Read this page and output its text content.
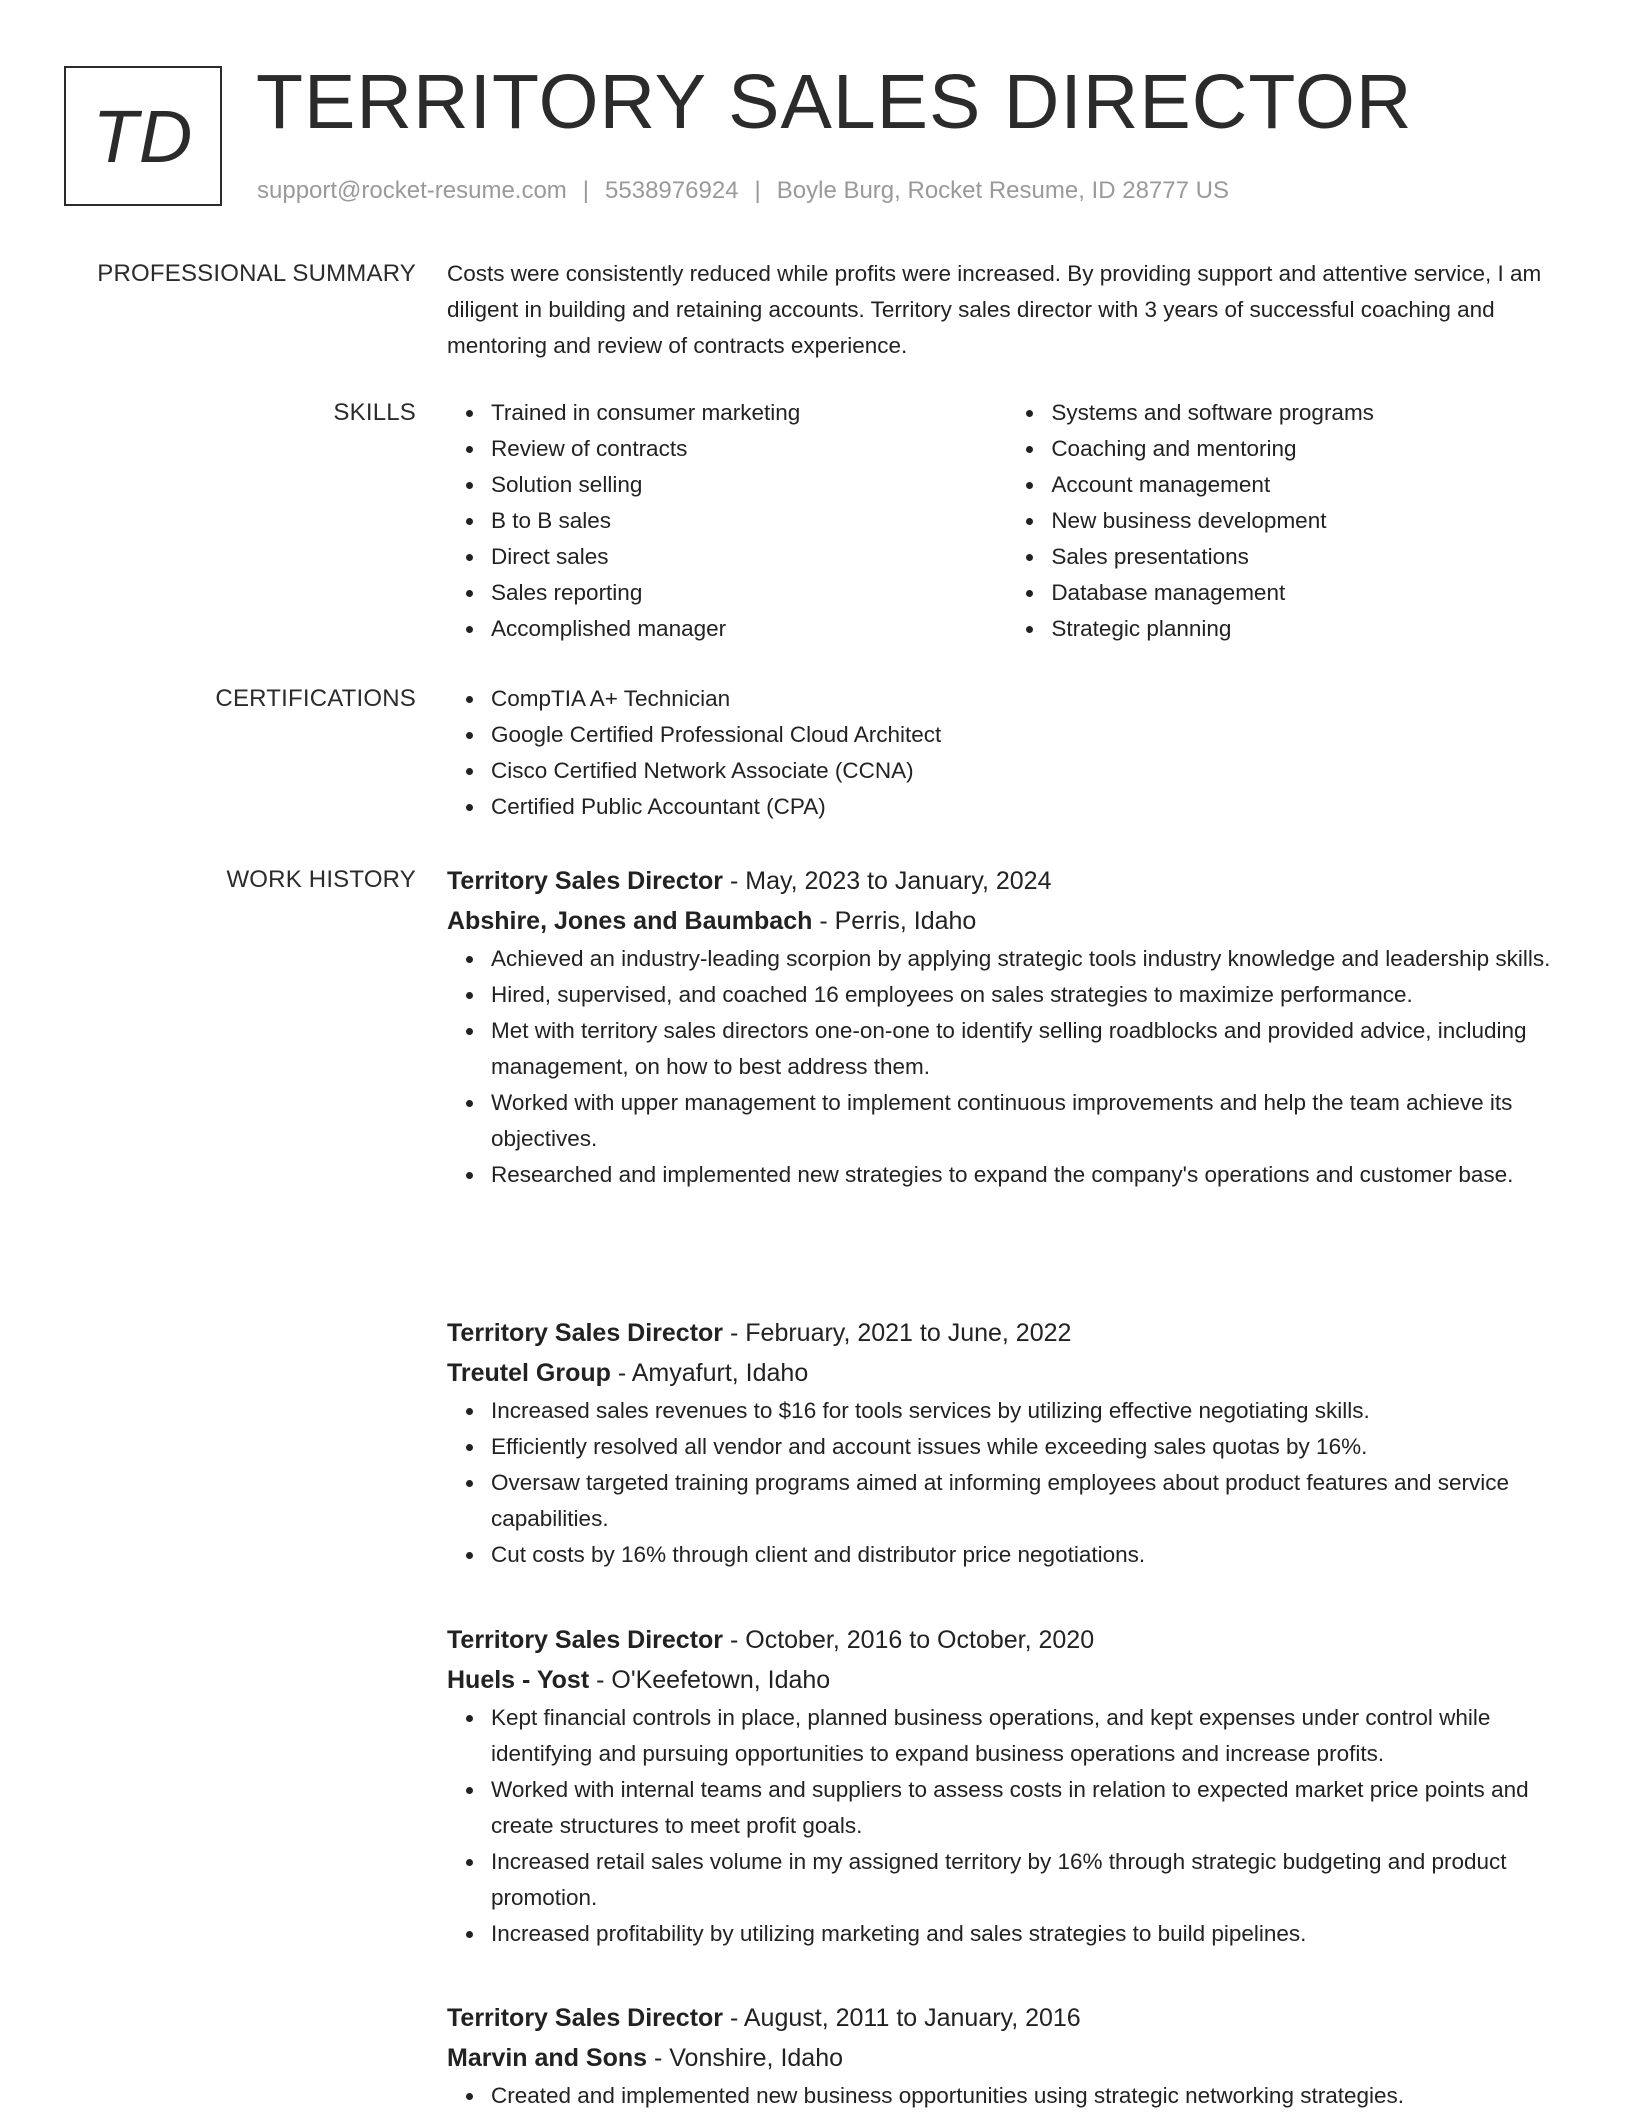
TD TERRITORY SALES DIRECTOR
support@rocket-resume.com | 5538976924 | Boyle Burg, Rocket Resume, ID 28777 US
PROFESSIONAL SUMMARY Costs were consistently reduced while profits were increased. By providing support and attentive service, I am diligent in building and retaining accounts. Territory sales director with 3 years of successful coaching and mentoring and review of contracts experience.

SKILLS	Trained in consumer marketing
Review of contracts
Solution selling
B to B sales
Direct sales
Sales reporting
Accomplished manager
Systems and software programs
Coaching and mentoring
Account management
New business development
Sales presentations
Database management
Strategic planning
CERTIFICATIONS	CompTIA A+ Technician
Google Certified Professional Cloud Architect
Cisco Certified Network Associate (CCNA)
Certified Public Accountant (CPA)
WORK HISTORY Territory Sales Director - May, 2023 to January, 2024
Abshire, Jones and Baumbach - Perris, Idaho
Achieved an industry-leading scorpion by applying strategic tools industry knowledge and leadership skills.
Hired, supervised, and coached 16 employees on sales strategies to maximize performance.
Met with territory sales directors one-on-one to identify selling roadblocks and provided advice, including management, on how to best address them.
Worked with upper management to implement continuous improvements and help the team achieve its objectives.
Researched and implemented new strategies to expand the company's operations and customer base.
Territory Sales Director - February, 2021 to June, 2022
Treutel Group - Amyafurt, Idaho
Increased sales revenues to $16 for tools services by utilizing effective negotiating skills.
Efficiently resolved all vendor and account issues while exceeding sales quotas by 16%.
Oversaw targeted training programs aimed at informing employees about product features and service capabilities.
Cut costs by 16% through client and distributor price negotiations.
Territory Sales Director - October, 2016 to October, 2020
Huels - Yost - O'Keefetown, Idaho
Kept financial controls in place, planned business operations, and kept expenses under control while identifying and pursuing opportunities to expand business operations and increase profits.
Worked with internal teams and suppliers to assess costs in relation to expected market price points and create structures to meet profit goals.
Increased retail sales volume in my assigned territory by 16% through strategic budgeting and product promotion.
Increased profitability by utilizing marketing and sales strategies to build pipelines.
Territory Sales Director - August, 2011 to January, 2016
Marvin and Sons - Vonshire, Idaho
Created and implemented new business opportunities using strategic networking strategies.
